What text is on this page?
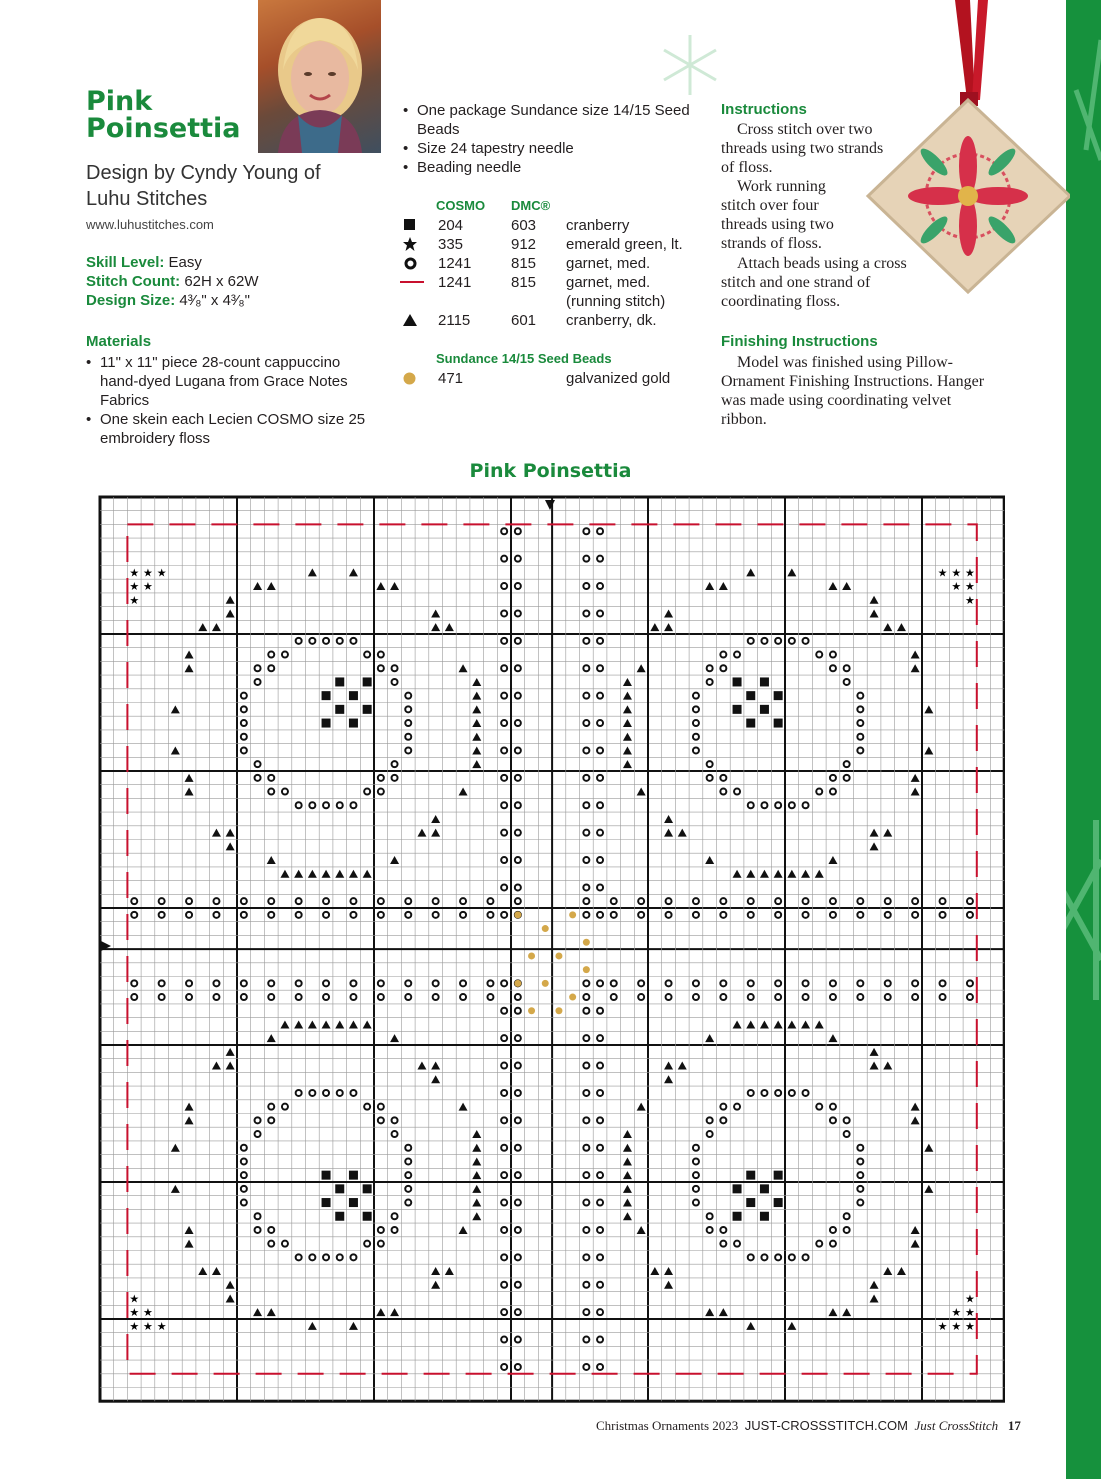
Pink
Poinsettia
Design by Cyndy Young of Luhu Stitches
www.luhustitches.com
Skill Level: Easy
Stitch Count: 62H x 62W
Design Size: 4³⁄₈" x 4³⁄₈"
Materials
• 11" x 11" piece 28-count cappuccino hand-dyed Lugana from Grace Notes Fabrics
• One skein each Lecien COSMO size 25 embroidery floss
• One package Sundance size 14/15 Seed Beads
• Size 24 tapestry needle
• Beading needle
COSMO DMC®
204	603 cranberry
335	912 emerald green, lt.
1241	815 garnet, med.
1241	815 garnet, med.
(running stitch)
2115	601 cranberry, dk.
Sundance 14/15 Seed Beads
471	galvanized gold
Instructions
Cross stitch over two threads using two strands of floss.
Work running stitch over four threads using two strands of floss.
Attach beads using a cross stitch and one strand of coordinating floss.
Finishing Instructions
Model was finished using Pillow-Ornament Finishing Instructions. Hanger was made using coordinating velvet ribbon.
Pink Poinsettia
★	★
★	★
★	★
★	★
★	★
★	★
★	★
★	★
★	★
★	★
★	★
★	★
Christmas Ornaments 2023 JUST-CROSSSTITCH.COM Just CrossStitch 17
